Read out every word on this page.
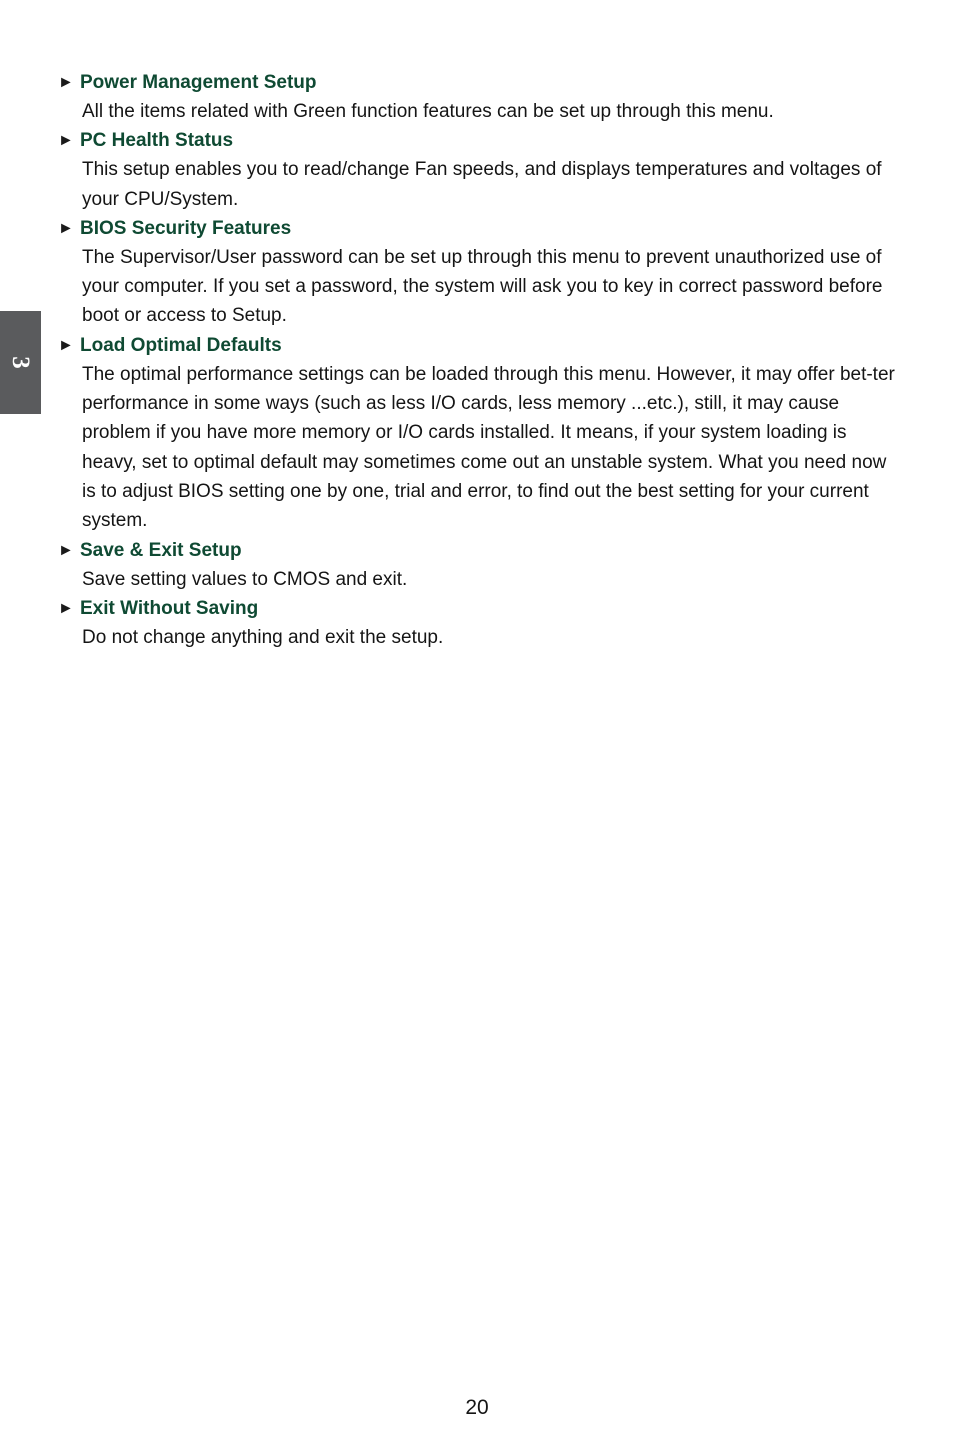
3
► Power Management Setup

All the items related with Green function features can be set up through this menu.

► PC Health Status

This setup enables you to read/change Fan speeds, and displays temperatures and voltages of your CPU/System.

► BIOS Security Features

The Supervisor/User password can be set up through this menu to prevent unauthorized use of your computer. If you set a password, the system will ask you to key in correct password before boot or access to Setup.

► Load Optimal Defaults

The optimal performance settings can be loaded through this menu. However, it may offer bet-ter performance in some ways (such as less I/O cards, less memory ...etc.), still, it may cause problem if you have more memory or I/O cards installed. It means, if your system loading is heavy, set to optimal default may sometimes come out an unstable system. What you need now is to adjust BIOS setting one by one, trial and error, to find out the best setting for your current system.

► Save & Exit Setup

Save setting values to CMOS and exit.

► Exit Without Saving

Do not change anything and exit the setup.

20
